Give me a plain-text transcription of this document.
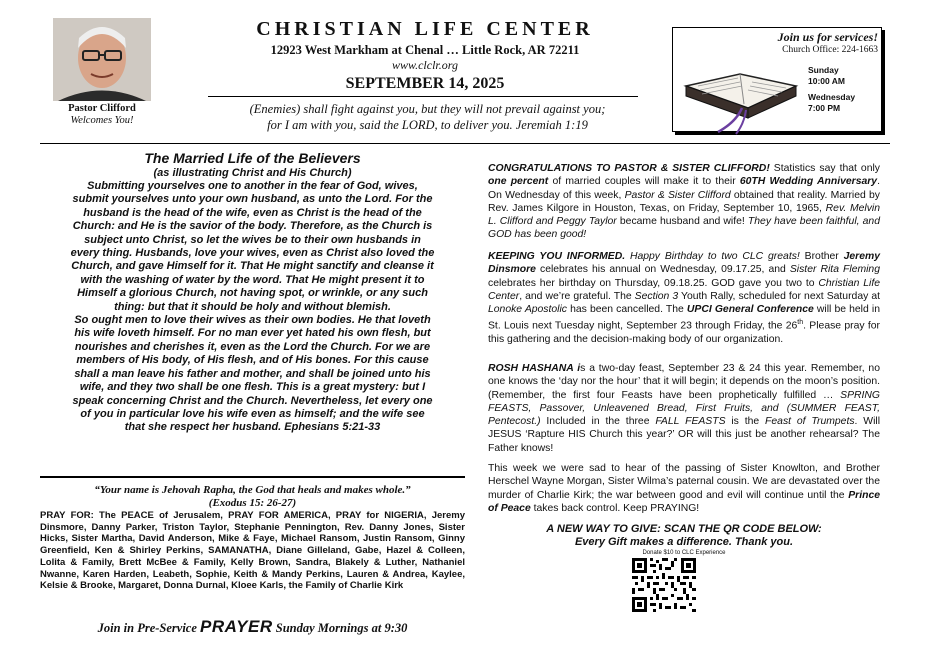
Pastor Clifford
Welcomes You!
CHRISTIAN LIFE CENTER
12923 West Markham at Chenal … Little Rock, AR 72211
www.clclr.org
SEPTEMBER 14, 2025
(Enemies) shall fight against you, but they will not prevail against you;
for I am with you, said the LORD, to deliver you. Jeremiah 1:19
Join us for services!
Church Office: 224-1663
Sunday
10:00 AM
Wednesday
7:00 PM
The Married Life of the Believers
(as illustrating Christ and His Church)
Submitting yourselves one to another in the fear of God, wives, submit yourselves unto your own husband, as unto the Lord. For the husband is the head of the wife, even as Christ is the head of the Church: and He is the savior of the body. Therefore, as the Church is subject unto Christ, so let the wives be to their own husbands in every thing. Husbands, love your wives, even as Christ also loved the Church, and gave Himself for it. That He might sanctify and cleanse it with the washing of water by the word. That He might present it to Himself a glorious Church, not having spot, or wrinkle, or any such thing: but that it should be holy and without blemish.
So ought men to love their wives as their own bodies. He that loveth his wife loveth himself. For no man ever yet hated his own flesh, but nourishes and cherishes it, even as the Lord the Church. For we are members of His body, of His flesh, and of His bones. For this cause shall a man leave his father and mother, and shall be joined unto his wife, and they two shall be one flesh. This is a great mystery: but I speak concerning Christ and the Church. Nevertheless, let every one of you in particular love his wife even as himself; and the wife see that she respect her husband. Ephesians 5:21-33
“Your name is Jehovah Rapha, the God that heals and makes whole.”
(Exodus 15: 26-27)
PRAY FOR: The PEACE of Jerusalem, PRAY FOR AMERICA, PRAY for NIGERIA, Jeremy Dinsmore, Danny Parker, Triston Taylor, Stephanie Pennington, Rev. Danny Jones, Sister Hicks, Sister Martha, David Anderson, Mike & Faye, Michael Ransom, Justin Ransom, Ginny Greenfield, Ken & Shirley Perkins, SAMANATHA, Diane Gilleland, Gabe, Hazel & Colleen, Lolita & Family, Brett McBee & Family, Kelly Brown, Sandra, Blakely & Luther, Nathaniel Nwanne, Karen Harden, Leabeth, Sophie, Keith & Mandy Perkins, Lauren & Andrea, Kaylee, Kelsie & Brooke, Margaret, Donna Durnal, Kloee Karls, the Family of Charlie Kirk
Join in Pre-Service PRAYER Sunday Mornings at 9:30
CONGRATULATIONS TO PASTOR & SISTER CLIFFORD! Statistics say that only one percent of married couples will make it to their 60TH Wedding Anniversary. On Wednesday of this week, Pastor & Sister Clifford obtained that reality. Married by Rev. James Kilgore in Houston, Texas, on Friday, September 10, 1965, Rev. Melvin L. Clifford and Peggy Taylor became husband and wife! They have been faithful, and GOD has been good!
KEEPING YOU INFORMED. Happy Birthday to two CLC greats! Brother Jeremy Dinsmore celebrates his annual on Wednesday, 09.17.25, and Sister Rita Fleming celebrates her birthday on Thursday, 09.18.25. GOD gave you two to Christian Life Center, and we’re grateful. The Section 3 Youth Rally, scheduled for next Saturday at Lonoke Apostolic has been cancelled. The UPCI General Conference will be held in St. Louis next Tuesday night, September 23 through Friday, the 26th. Please pray for this gathering and the decision-making body of our organization.
ROSH HASHANA is a two-day feast, September 23 & 24 this year. Remember, no one knows the ‘day nor the hour’ that it will begin; it depends on the moon’s position. (Remember, the first four Feasts have been prophetically fulfilled … SPRING FEASTS, Passover, Unleavened Bread, First Fruits, and (SUMMER FEAST, Pentecost.) Included in the three FALL FEASTS is the Feast of Trumpets. Will JESUS ‘Rapture HIS Church this year?’ OR will this just be another rehearsal? The Father knows!
This week we were sad to hear of the passing of Sister Knowlton, and Brother Herschel Wayne Morgan, Sister Wilma’s paternal cousin. We are devastated over the murder of Charlie Kirk; the war between good and evil will continue until the Prince of Peace takes back control. Keep PRAYING!
A NEW WAY TO GIVE: SCAN THE QR CODE BELOW:
Every Gift makes a difference. Thank you.
Donate $10 to CLC Experience
